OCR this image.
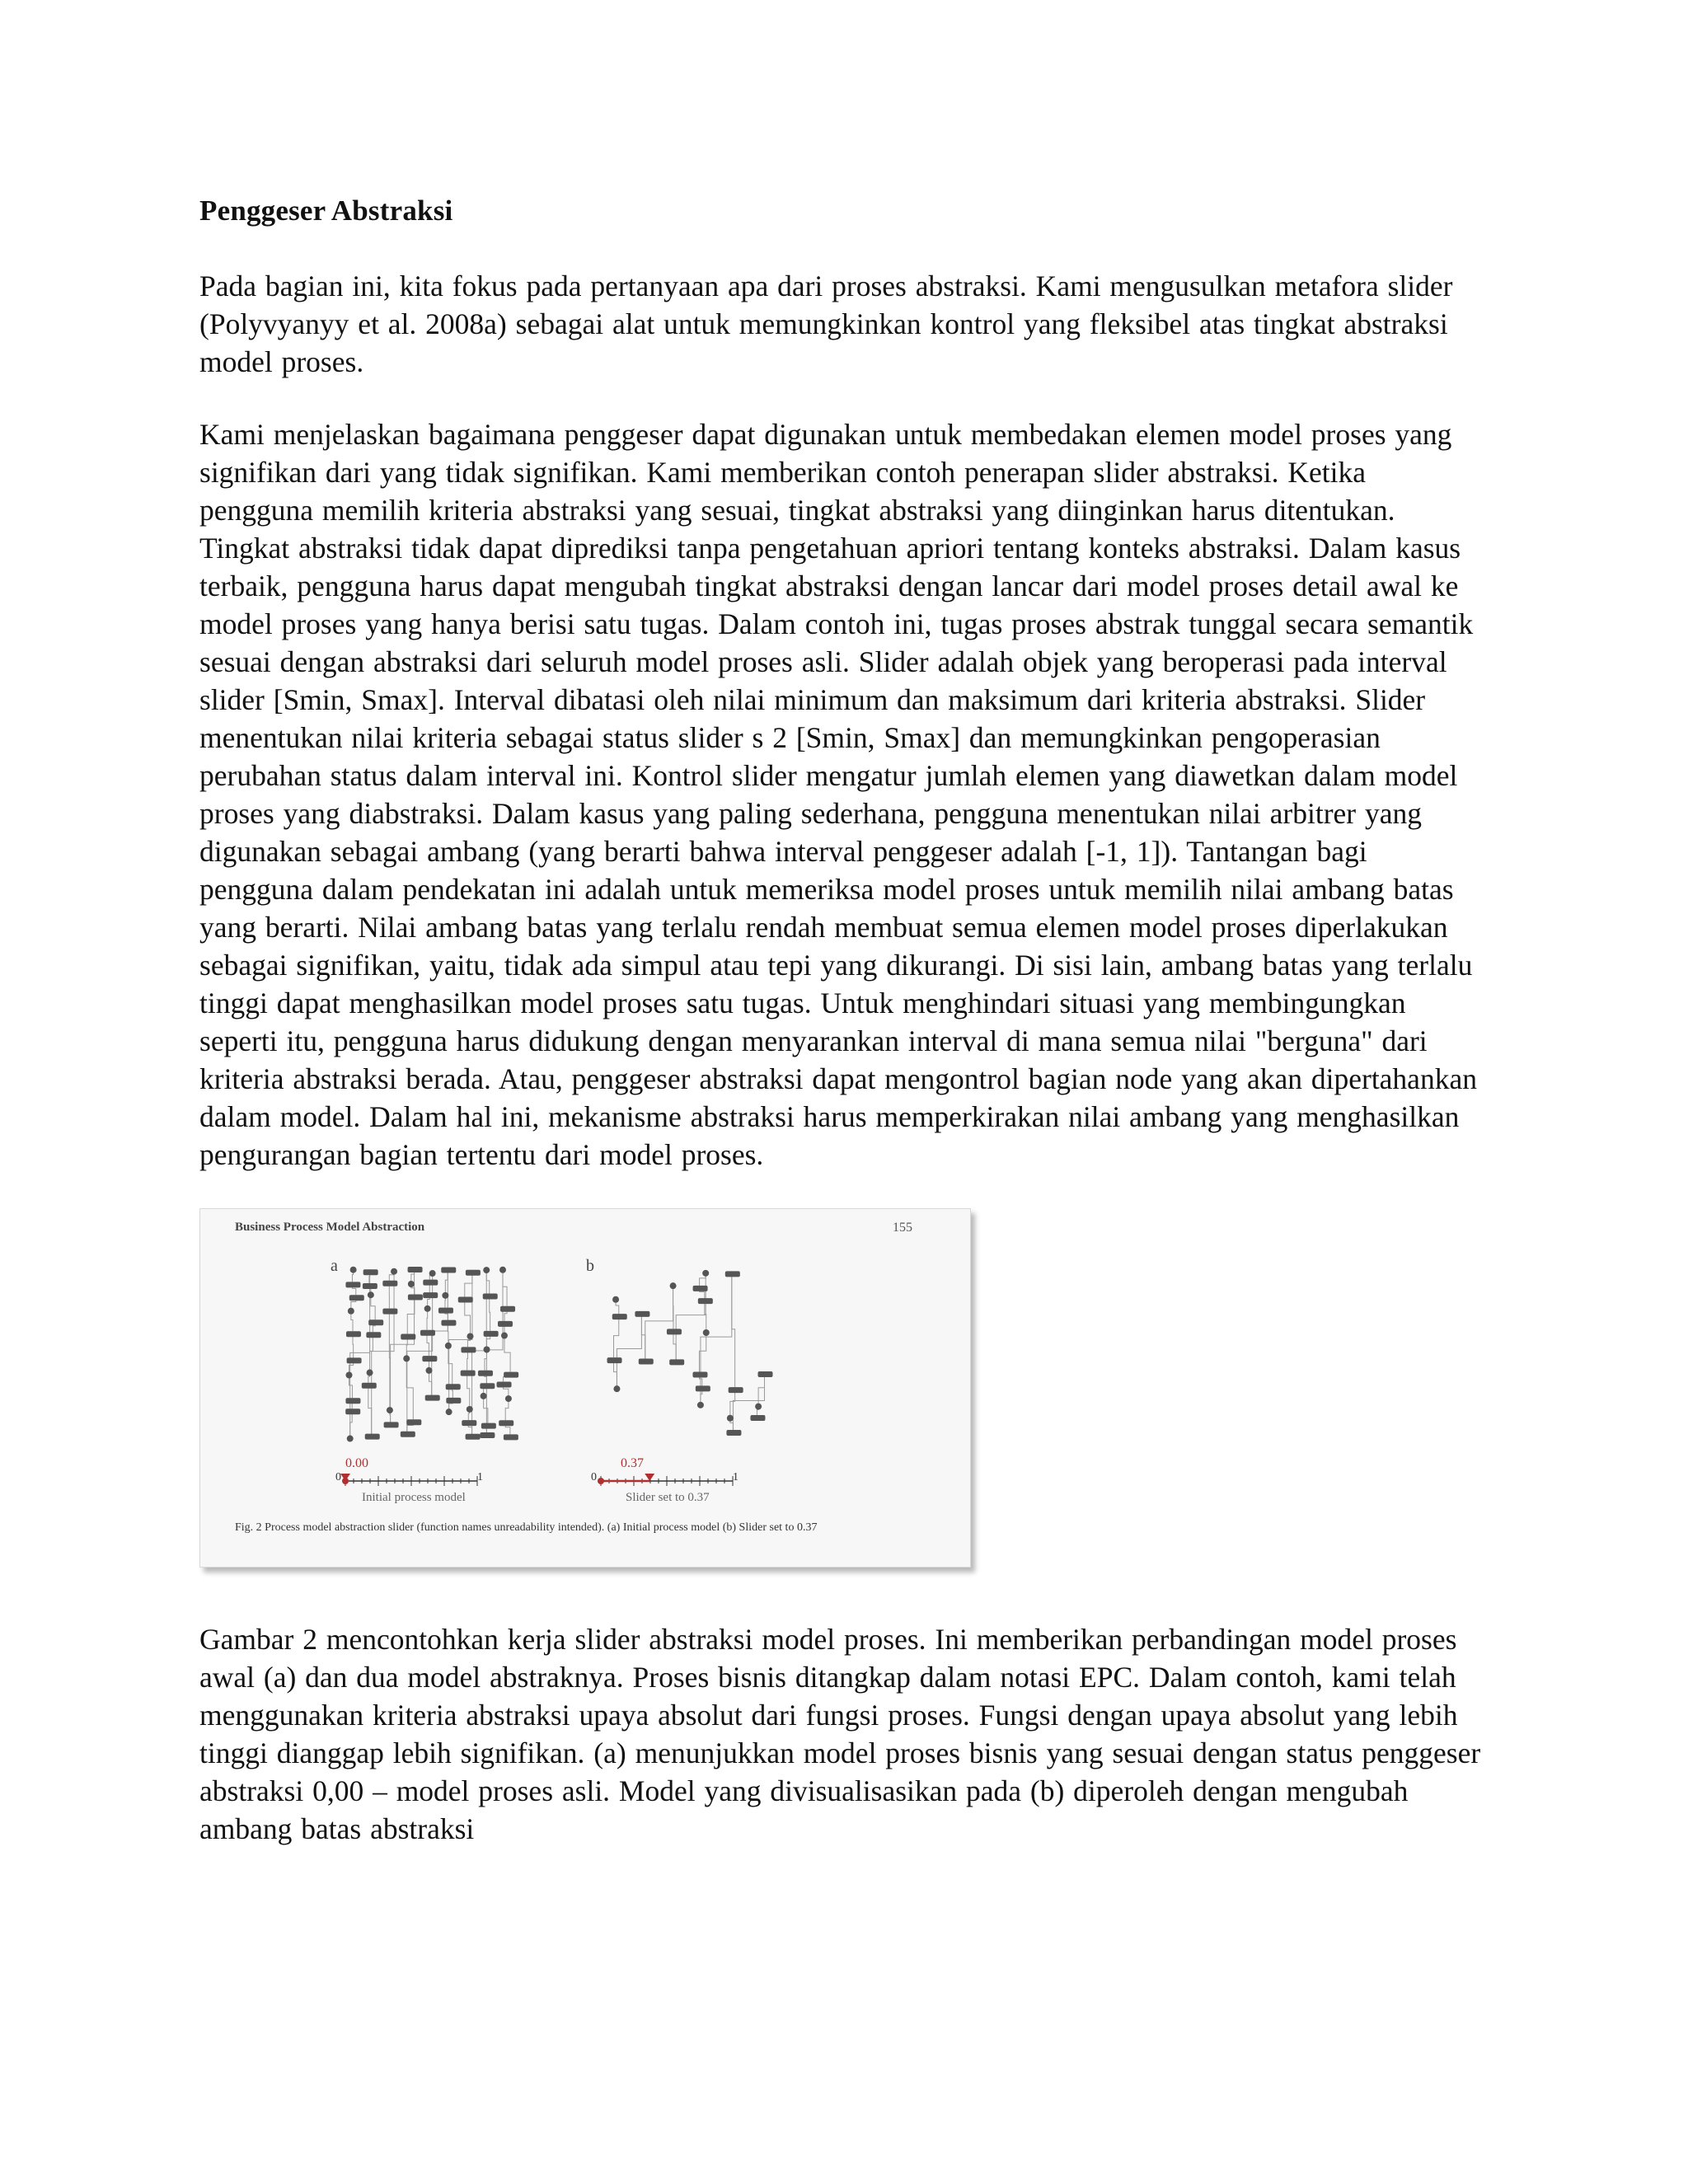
Penggeser Abstraksi

Pada bagian ini, kita fokus pada pertanyaan apa dari proses abstraksi. Kami mengusulkan metafora slider (Polyvyanyy et al. 2008a) sebagai alat untuk memungkinkan kontrol yang fleksibel atas tingkat abstraksi model proses.

Kami menjelaskan bagaimana penggeser dapat digunakan untuk membedakan elemen model proses yang signifikan dari yang tidak signifikan. Kami memberikan contoh penerapan slider abstraksi. Ketika pengguna memilih kriteria abstraksi yang sesuai, tingkat abstraksi yang diinginkan harus ditentukan. Tingkat abstraksi tidak dapat diprediksi tanpa pengetahuan apriori tentang konteks abstraksi. Dalam kasus terbaik, pengguna harus dapat mengubah tingkat abstraksi dengan lancar dari model proses detail awal ke model proses yang hanya berisi satu tugas. Dalam contoh ini, tugas proses abstrak tunggal secara semantik sesuai dengan abstraksi dari seluruh model proses asli. Slider adalah objek yang beroperasi pada interval slider [Smin, Smax]. Interval dibatasi oleh nilai minimum dan maksimum dari kriteria abstraksi. Slider menentukan nilai kriteria sebagai status slider s 2 [Smin, Smax] dan memungkinkan pengoperasian perubahan status dalam interval ini. Kontrol slider mengatur jumlah elemen yang diawetkan dalam model proses yang diabstraksi. Dalam kasus yang paling sederhana, pengguna menentukan nilai arbitrer yang digunakan sebagai ambang (yang berarti bahwa interval penggeser adalah [-1, 1]). Tantangan bagi pengguna dalam pendekatan ini adalah untuk memeriksa model proses untuk memilih nilai ambang batas yang berarti. Nilai ambang batas yang terlalu rendah membuat semua elemen model proses diperlakukan sebagai signifikan, yaitu, tidak ada simpul atau tepi yang dikurangi. Di sisi lain, ambang batas yang terlalu tinggi dapat menghasilkan model proses satu tugas. Untuk menghindari situasi yang membingungkan seperti itu, pengguna harus didukung dengan menyarankan interval di mana semua nilai "berguna" dari kriteria abstraksi berada. Atau, penggeser abstraksi dapat mengontrol bagian node yang akan dipertahankan dalam model. Dalam hal ini, mekanisme abstraksi harus memperkirakan nilai ambang yang menghasilkan pengurangan bagian tertentu dari model proses.

Business Process Model Abstraction	155
a	b
0.00	0.37
0	1	0	1
Initial process model	Slider set to 0.37
Fig. 2 Process model abstraction slider (function names unreadability intended). (a) Initial process model (b) Slider set to 0.37

Gambar 2 mencontohkan kerja slider abstraksi model proses. Ini memberikan perbandingan model proses awal (a) dan dua model abstraknya. Proses bisnis ditangkap dalam notasi EPC. Dalam contoh, kami telah menggunakan kriteria abstraksi upaya absolut dari fungsi proses. Fungsi dengan upaya absolut yang lebih tinggi dianggap lebih signifikan. (a) menunjukkan model proses bisnis yang sesuai dengan status penggeser abstraksi 0,00 – model proses asli. Model yang divisualisasikan pada (b) diperoleh dengan mengubah ambang batas abstraksi
